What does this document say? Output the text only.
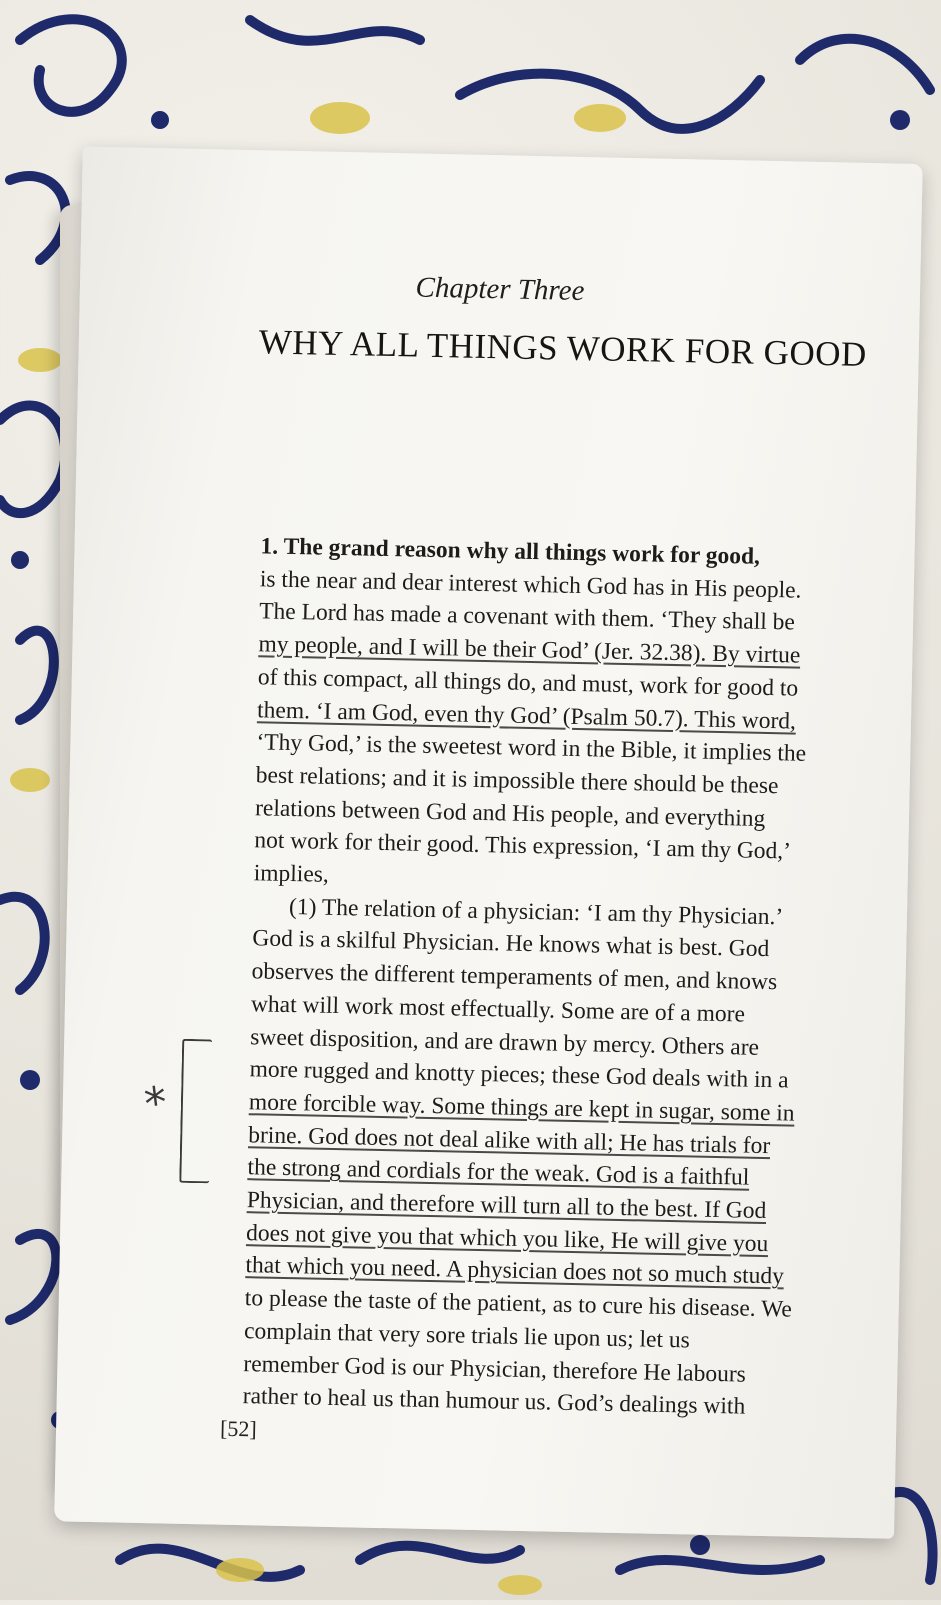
Chapter Three
WHY ALL THINGS WORK FOR GOOD
1. The grand reason why all things work for good,
is the near and dear interest which God has in His people.
The Lord has made a covenant with them. ‘They shall be
my people, and I will be their God’ (Jer. 32.38). By virtue
of this compact, all things do, and must, work for good to
them. ‘I am God, even thy God’ (Psalm 50.7). This word,
‘Thy God,’ is the sweetest word in the Bible, it implies the
best relations; and it is impossible there should be these
relations between God and His people, and everything
not work for their good. This expression, ‘I am thy God,’
implies,
(1) The relation of a physician: ‘I am thy Physician.’
God is a skilful Physician. He knows what is best. God
observes the different temperaments of men, and knows
what will work most effectually. Some are of a more
sweet disposition, and are drawn by mercy. Others are
more rugged and knotty pieces; these God deals with in a
more forcible way. Some things are kept in sugar, some in
brine. God does not deal alike with all; He has trials for
the strong and cordials for the weak. God is a faithful
Physician, and therefore will turn all to the best. If God
does not give you that which you like, He will give you
that which you need. A physician does not so much study
to please the taste of the patient, as to cure his disease. We
complain that very sore trials lie upon us; let us
remember God is our Physician, therefore He labours
rather to heal us than humour us. God’s dealings with
*
[52]
